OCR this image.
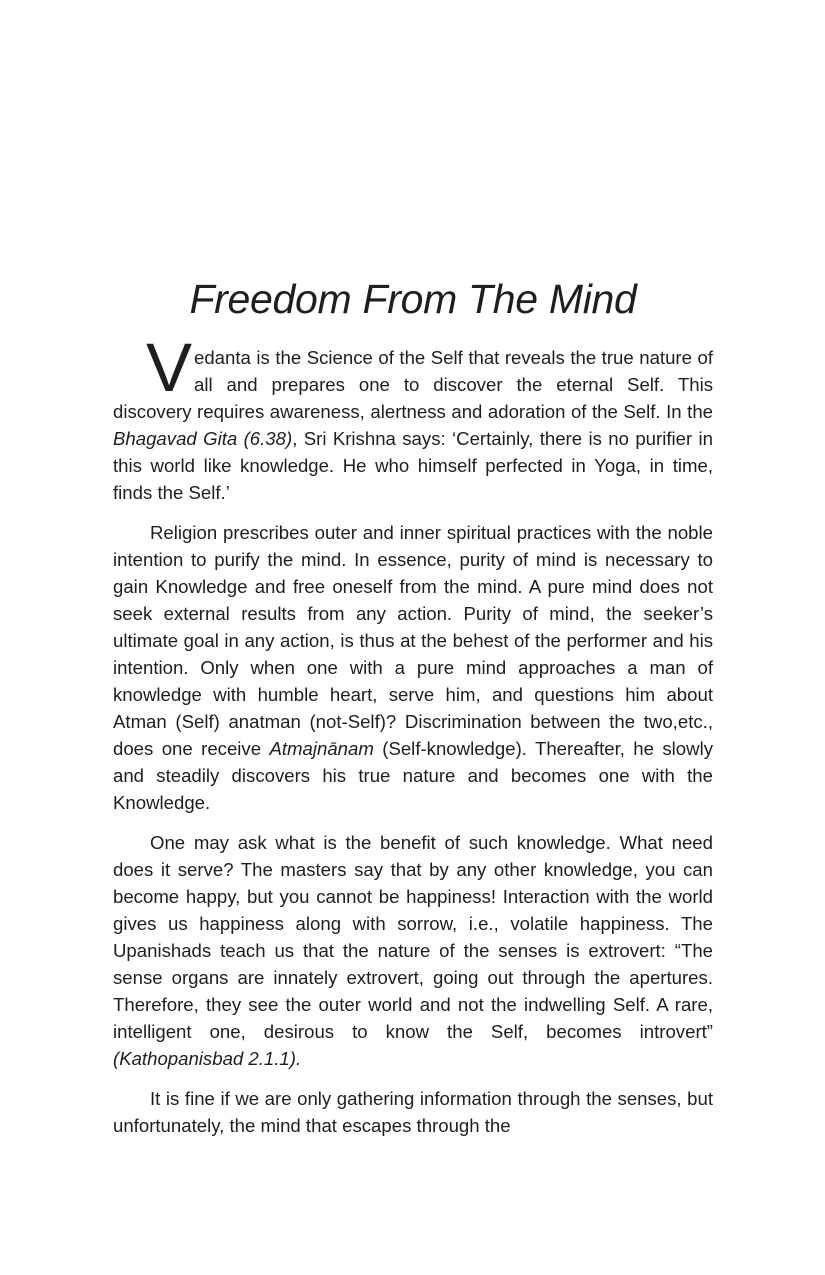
Freedom From The Mind

V edanta is the Science of the Self that reveals the true nature of all and prepares one to discover the eternal Self. This discovery requires awareness, alertness and adoration of the Self. In the Bhagavad Gita (6.38), Sri Krishna says: ‘Certainly, there is no purifier in this world like knowledge. He who himself perfected in Yoga, in time, finds the Self.’

Religion prescribes outer and inner spiritual practices with the noble intention to purify the mind. In essence, purity of mind is necessary to gain Knowledge and free oneself from the mind. A pure mind does not seek external results from any action. Purity of mind, the seeker’s ultimate goal in any action, is thus at the behest of the performer and his intention. Only when one with a pure mind approaches a man of knowledge with humble heart, serve him, and questions him about Atman (Self) anatman (not-Self)? Discrimination between the two,etc., does one receive Atmajnānam (Self-knowledge). Thereafter, he slowly and steadily discovers his true nature and becomes one with the Knowledge.

One may ask what is the benefit of such knowledge. What need does it serve? The masters say that by any other knowledge, you can become happy, but you cannot be happiness! Interaction with the world gives us happiness along with sorrow, i.e., volatile happiness. The Upanishads teach us that the nature of the senses is extrovert: “The sense organs are innately extrovert, going out through the apertures. Therefore, they see the outer world and not the indwelling Self. A rare, intelligent one, desirous to know the Self, becomes introvert” (Kathopanisbad 2.1.1).

It is fine if we are only gathering information through the senses, but unfortunately, the mind that escapes through the
